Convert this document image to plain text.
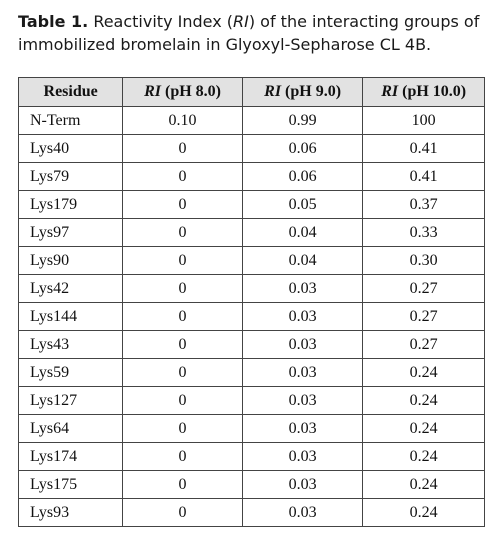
Table 1. Reactivity Index (RI) of the interacting groups of immobilized bromelain in Glyoxyl-Sepharose CL 4B.
Residue	RI (pH 8.0)	RI (pH 9.0)	RI (pH 10.0)
N-Term	0.10	0.99	100
Lys40	0	0.06	0.41
Lys79	0	0.06	0.41
Lys179	0	0.05	0.37
Lys97	0	0.04	0.33
Lys90	0	0.04	0.30
Lys42	0	0.03	0.27
Lys144	0	0.03	0.27
Lys43	0	0.03	0.27
Lys59	0	0.03	0.24
Lys127	0	0.03	0.24
Lys64	0	0.03	0.24
Lys174	0	0.03	0.24
Lys175	0	0.03	0.24
Lys93	0	0.03	0.24
